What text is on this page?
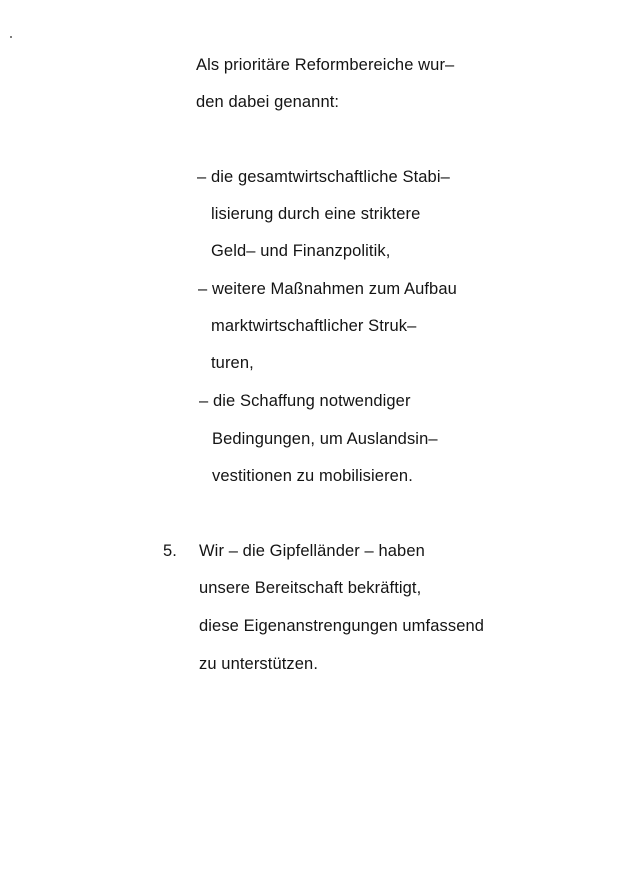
Als prioritäre Reformbereiche wur–
den dabei genannt:
– die gesamtwirtschaftliche Stabi–
lisierung durch eine striktere
Geld– und Finanzpolitik,
– weitere Maßnahmen zum Aufbau
marktwirtschaftlicher Struk–
turen,
– die Schaffung notwendiger
Bedingungen, um Auslandsin–
vestitionen zu mobilisieren.
5. Wir – die Gipfelländer – haben
unsere Bereitschaft bekräftigt,
diese Eigenanstrengungen umfassend
zu unterstützen.
